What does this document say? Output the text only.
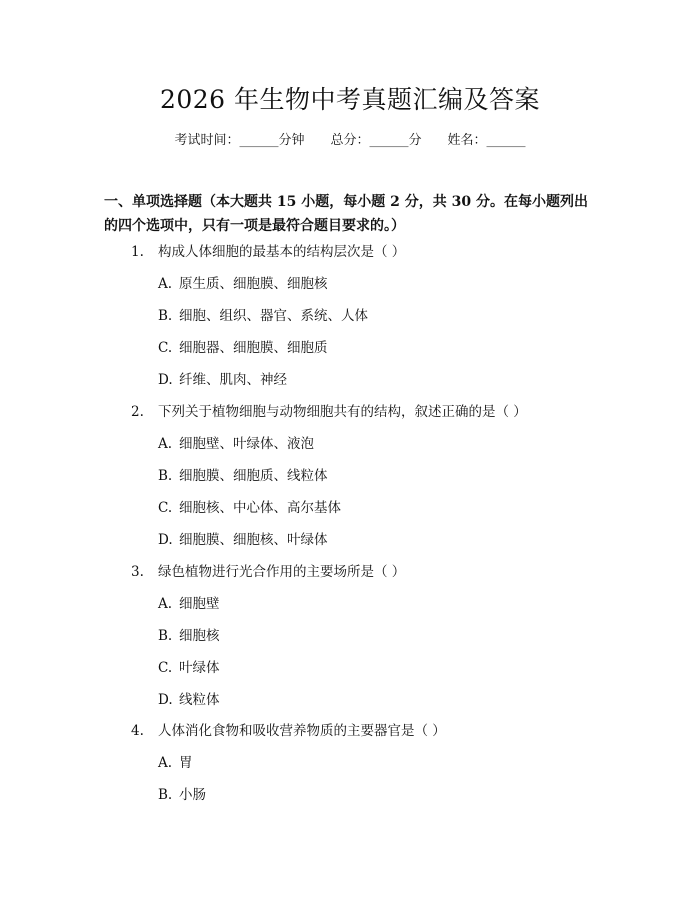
2026 年生物中考真题汇编及答案
考试时间：______分钟 总分：______分 姓名：______
一、单项选择题（本大题共 15 小题，每小题 2 分，共 30 分。在每小题列出的四个选项中，只有一项是最符合题目要求的。）
1. 构成人体细胞的最基本的结构层次是（ ）
A. 原生质、细胞膜、细胞核
B. 细胞、组织、器官、系统、人体
C. 细胞器、细胞膜、细胞质
D. 纤维、肌肉、神经
2. 下列关于植物细胞与动物细胞共有的结构，叙述正确的是（ ）
A. 细胞壁、叶绿体、液泡
B. 细胞膜、细胞质、线粒体
C. 细胞核、中心体、高尔基体
D. 细胞膜、细胞核、叶绿体
3. 绿色植物进行光合作用的主要场所是（ ）
A. 细胞壁
B. 细胞核
C. 叶绿体
D. 线粒体
4. 人体消化食物和吸收营养物质的主要器官是（ ）
A. 胃
B. 小肠
